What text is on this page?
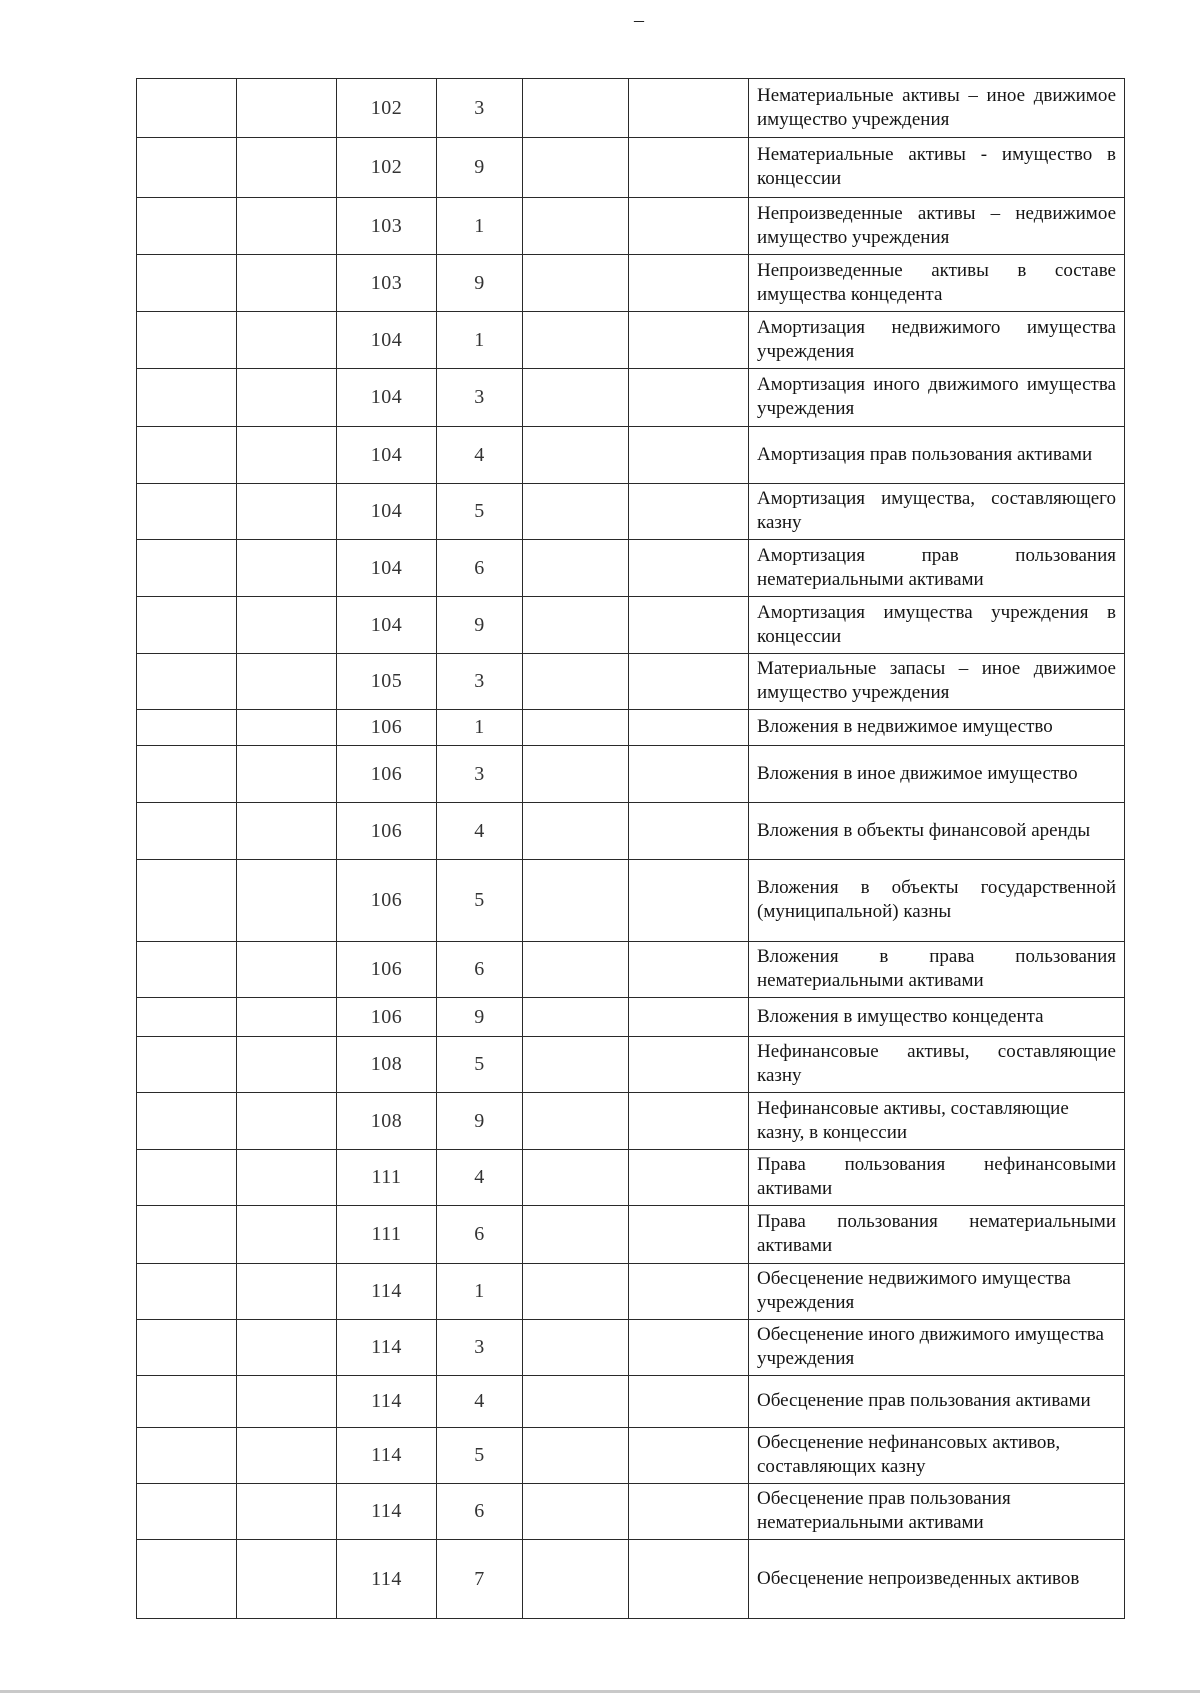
–
		102	3			Нематериальные активы – иное движимое имущество учреждения
		102	9			Нематериальные активы - имущество в концессии
		103	1			Непроизведенные активы – недвижимое имущество учреждения
		103	9			Непроизведенные активы в составе имущества концедента
		104	1			Амортизация недвижимого имущества учреждения
		104	3			Амортизация иного движимого имущества учреждения
		104	4			Амортизация прав пользования активами
		104	5			Амортизация имущества, составляющего казну
		104	6			Амортизация прав пользования нематериальными активами
		104	9			Амортизация имущества учреждения в концессии
		105	3			Материальные запасы – иное движимое имущество учреждения
		106	1			Вложения в недвижимое имущество
		106	3			Вложения в иное движимое имущество
		106	4			Вложения в объекты финансовой аренды
		106	5			Вложения в объекты государственной (муниципальной) казны
		106	6			Вложения в права пользования нематериальными активами
		106	9			Вложения в имущество концедента
		108	5			Нефинансовые активы, составляющие казну
		108	9			Нефинансовые активы, составляющие казну, в концессии
		111	4			Права пользования нефинансовыми активами
		111	6			Права пользования нематериальными активами
		114	1			Обесценение недвижимого имущества учреждения
		114	3			Обесценение иного движимого имущества учреждения
		114	4			Обесценение прав пользования активами
		114	5			Обесценение нефинансовых активов, составляющих казну
		114	6			Обесценение прав пользования нематериальными активами
		114	7			Обесценение непроизведенных активов
